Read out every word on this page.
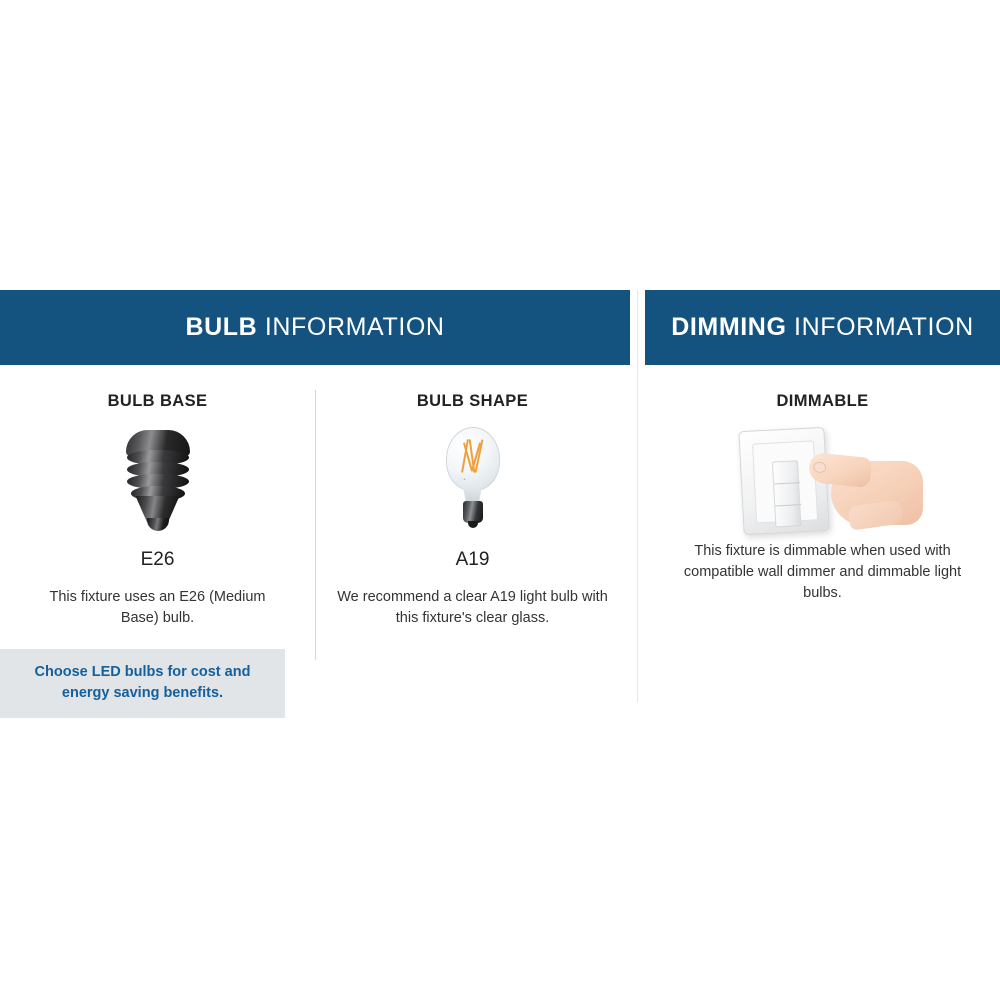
BULB INFORMATION
BULB BASE
E26

This fixture uses an E26 (Medium Base) bulb.

Choose LED bulbs for cost and energy saving benefits.
BULB SHAPE
•
A19

We recommend a clear A19 light bulb with this fixture's clear glass.

DIMMING INFORMATION
DIMMABLE

This fixture is dimmable when used with compatible wall dimmer and dimmable light bulbs.
